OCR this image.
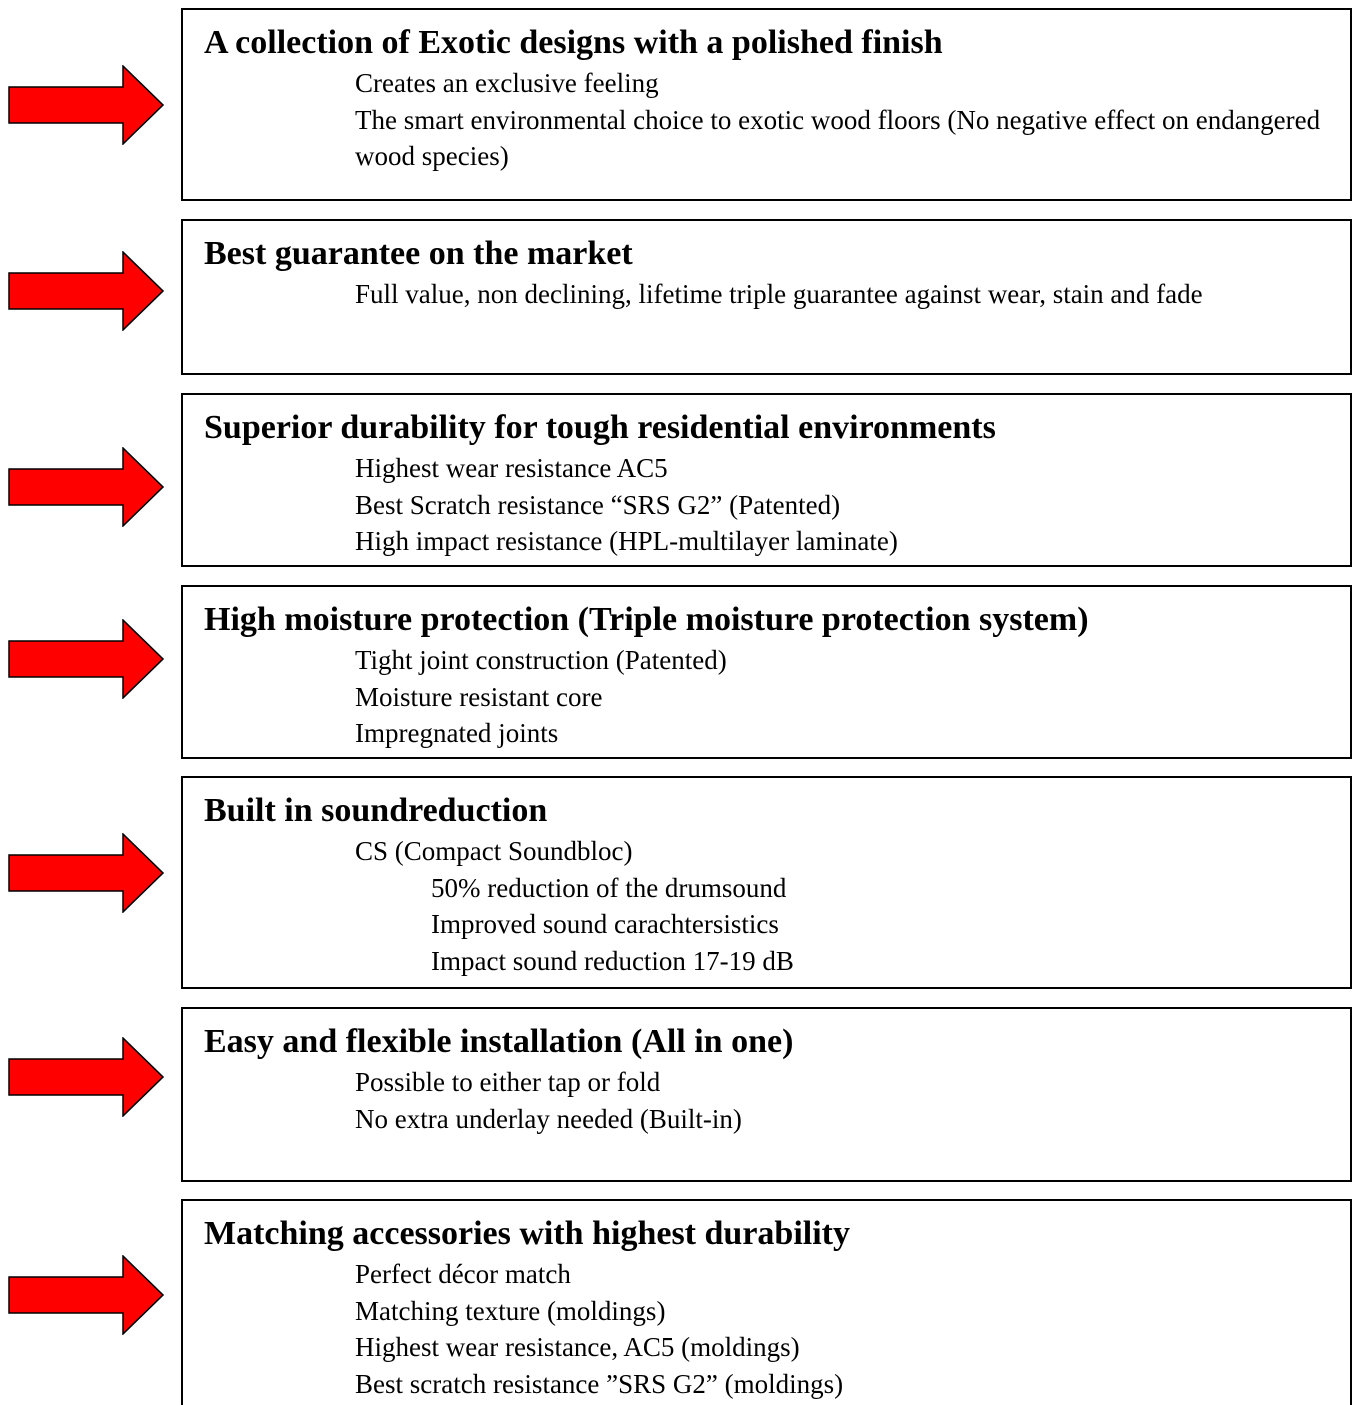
A collection of Exotic designs with a polished finish
Creates an exclusive feeling
The smart environmental choice to exotic wood floors (No negative effect on endangered wood species)
Best guarantee on the market
Full value, non declining, lifetime triple guarantee against wear, stain and fade
Superior durability for tough residential environments
Highest wear resistance AC5
Best Scratch resistance “SRS G2” (Patented)
High impact resistance (HPL-multilayer laminate)
High moisture protection (Triple moisture protection system)
Tight joint construction (Patented)
Moisture resistant core
Impregnated joints
Built in soundreduction
CS (Compact Soundbloc)
50% reduction of the drumsound
Improved sound carachtersistics
Impact sound reduction 17-19 dB
Easy and flexible installation (All in one)
Possible to either tap or fold
No extra underlay needed (Built-in)
Matching accessories with highest durability
Perfect décor match
Matching texture (moldings)
Highest wear resistance, AC5 (moldings)
Best scratch resistance ”SRS G2” (moldings)
